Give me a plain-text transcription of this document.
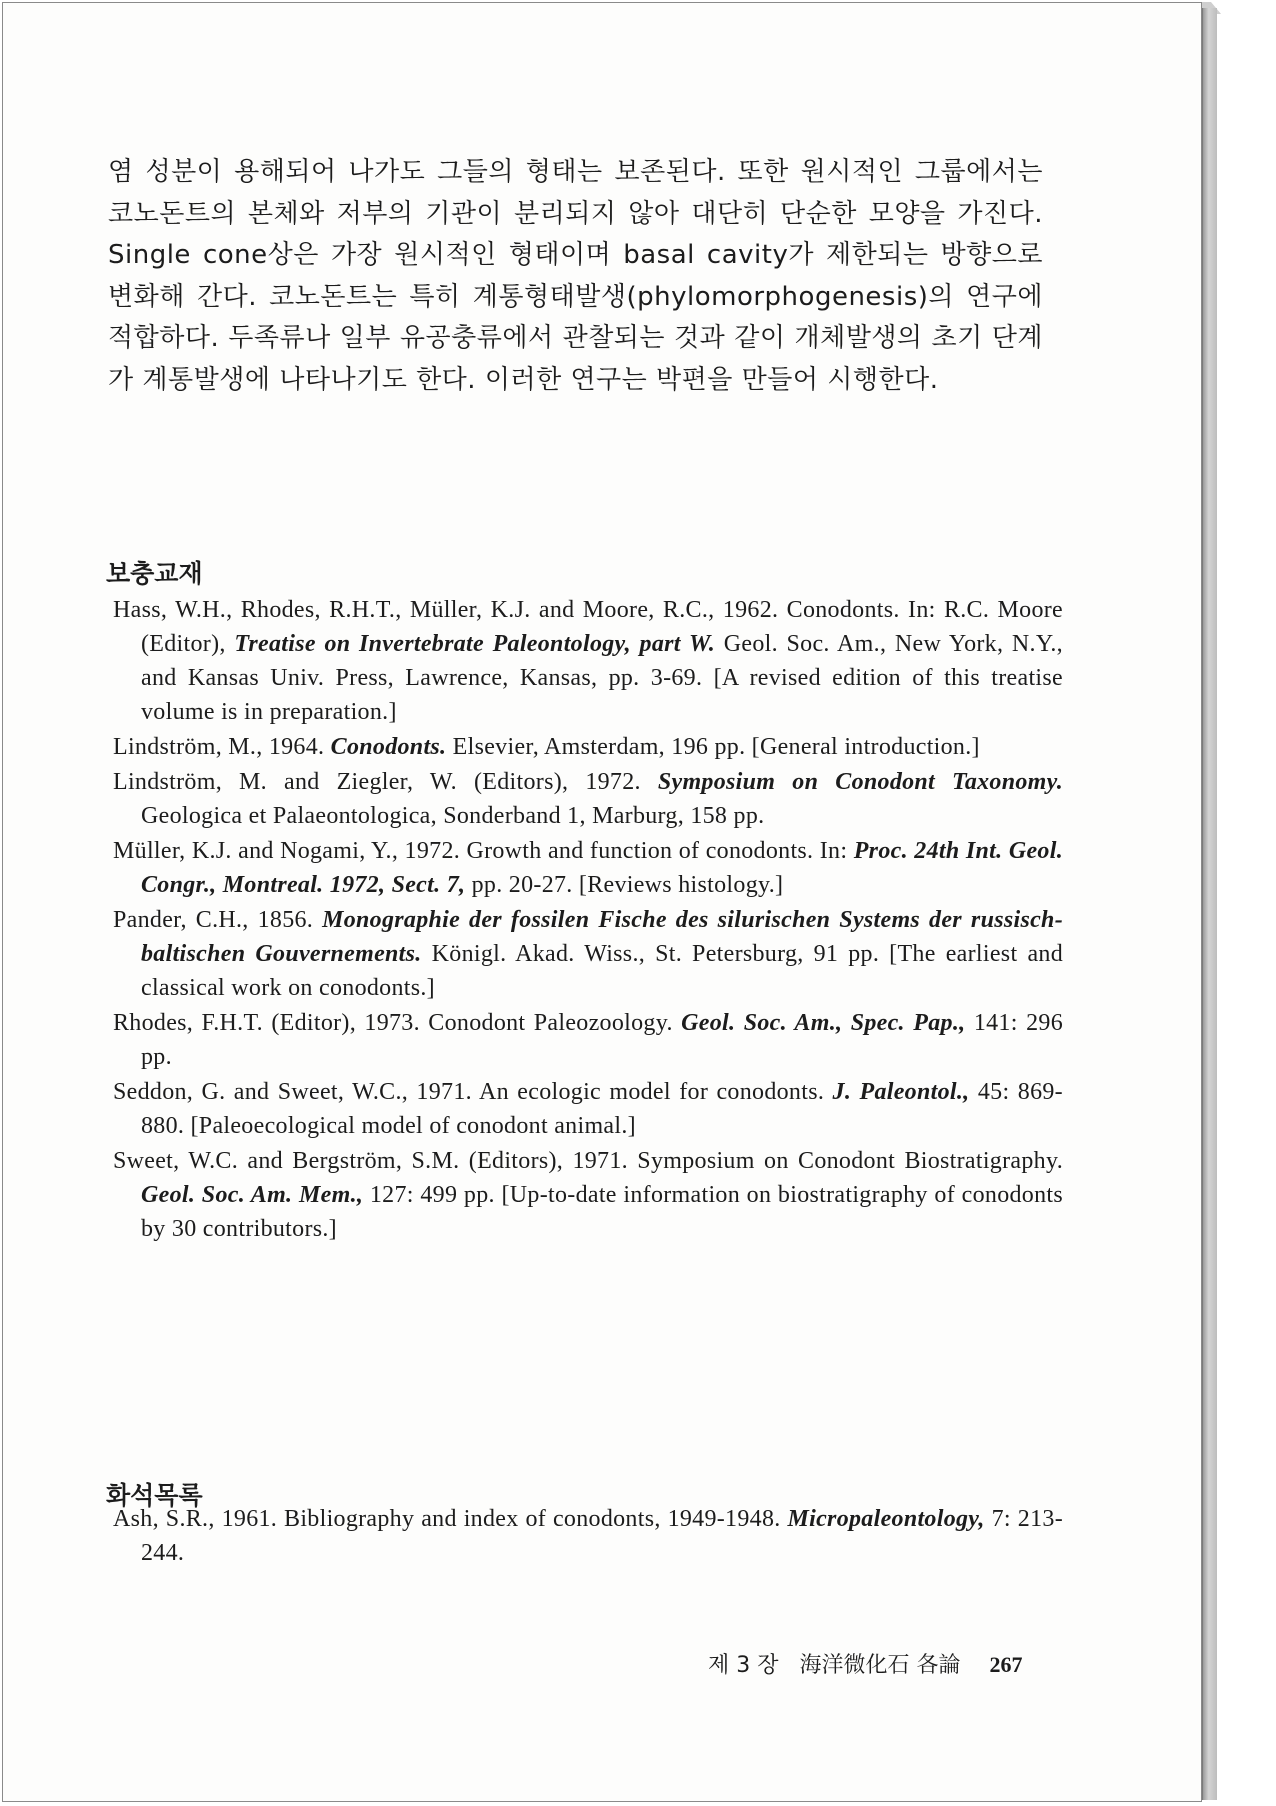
염 성분이 용해되어 나가도 그들의 형태는 보존된다. 또한 원시적인 그룹에서는 코노돈트의 본체와 저부의 기관이 분리되지 않아 대단히 단순한 모양을 가진다. Single cone상은 가장 원시적인 형태이며 basal cavity가 제한되는 방향으로 변화해 간다. 코노돈트는 특히 계통형태발생(phylomorphogenesis)의 연구에 적합하다. 두족류나 일부 유공충류에서 관찰되는 것과 같이 개체발생의 초기 단계가 계통발생에 나타나기도 한다. 이러한 연구는 박편을 만들어 시행한다.

보충교재
Hass, W.H., Rhodes, R.H.T., Müller, K.J. and Moore, R.C., 1962. Conodonts. In: R.C. Moore (Editor), Treatise on Invertebrate Paleontology, part W. Geol. Soc. Am., New York, N.Y., and Kansas Univ. Press, Lawrence, Kansas, pp. 3-69. [A revised edition of this treatise volume is in preparation.]
Lindström, M., 1964. Conodonts. Elsevier, Amsterdam, 196 pp. [General introduction.]
Lindström, M. and Ziegler, W. (Editors), 1972. Symposium on Conodont Taxonomy. Geologica et Palaeontologica, Sonderband 1, Marburg, 158 pp.
Müller, K.J. and Nogami, Y., 1972. Growth and function of conodonts. In: Proc. 24th Int. Geol. Congr., Montreal. 1972, Sect. 7, pp. 20-27. [Reviews histology.]
Pander, C.H., 1856. Monographie der fossilen Fische des silurischen Systems der russisch-baltischen Gouvernements. Königl. Akad. Wiss., St. Petersburg, 91 pp. [The earliest and classical work on conodonts.]
Rhodes, F.H.T. (Editor), 1973. Conodont Paleozoology. Geol. Soc. Am., Spec. Pap., 141: 296 pp.
Seddon, G. and Sweet, W.C., 1971. An ecologic model for conodonts. J. Paleontol., 45: 869-880. [Paleoecological model of conodont animal.]
Sweet, W.C. and Bergström, S.M. (Editors), 1971. Symposium on Conodont Biostratigraphy. Geol. Soc. Am. Mem., 127: 499 pp. [Up-to-date information on biostratigraphy of conodonts by 30 contributors.]
화석목록
Ash, S.R., 1961. Bibliography and index of conodonts, 1949-1948. Micropaleontology, 7: 213-244.
제 3 장 海洋微化石 各論 267
